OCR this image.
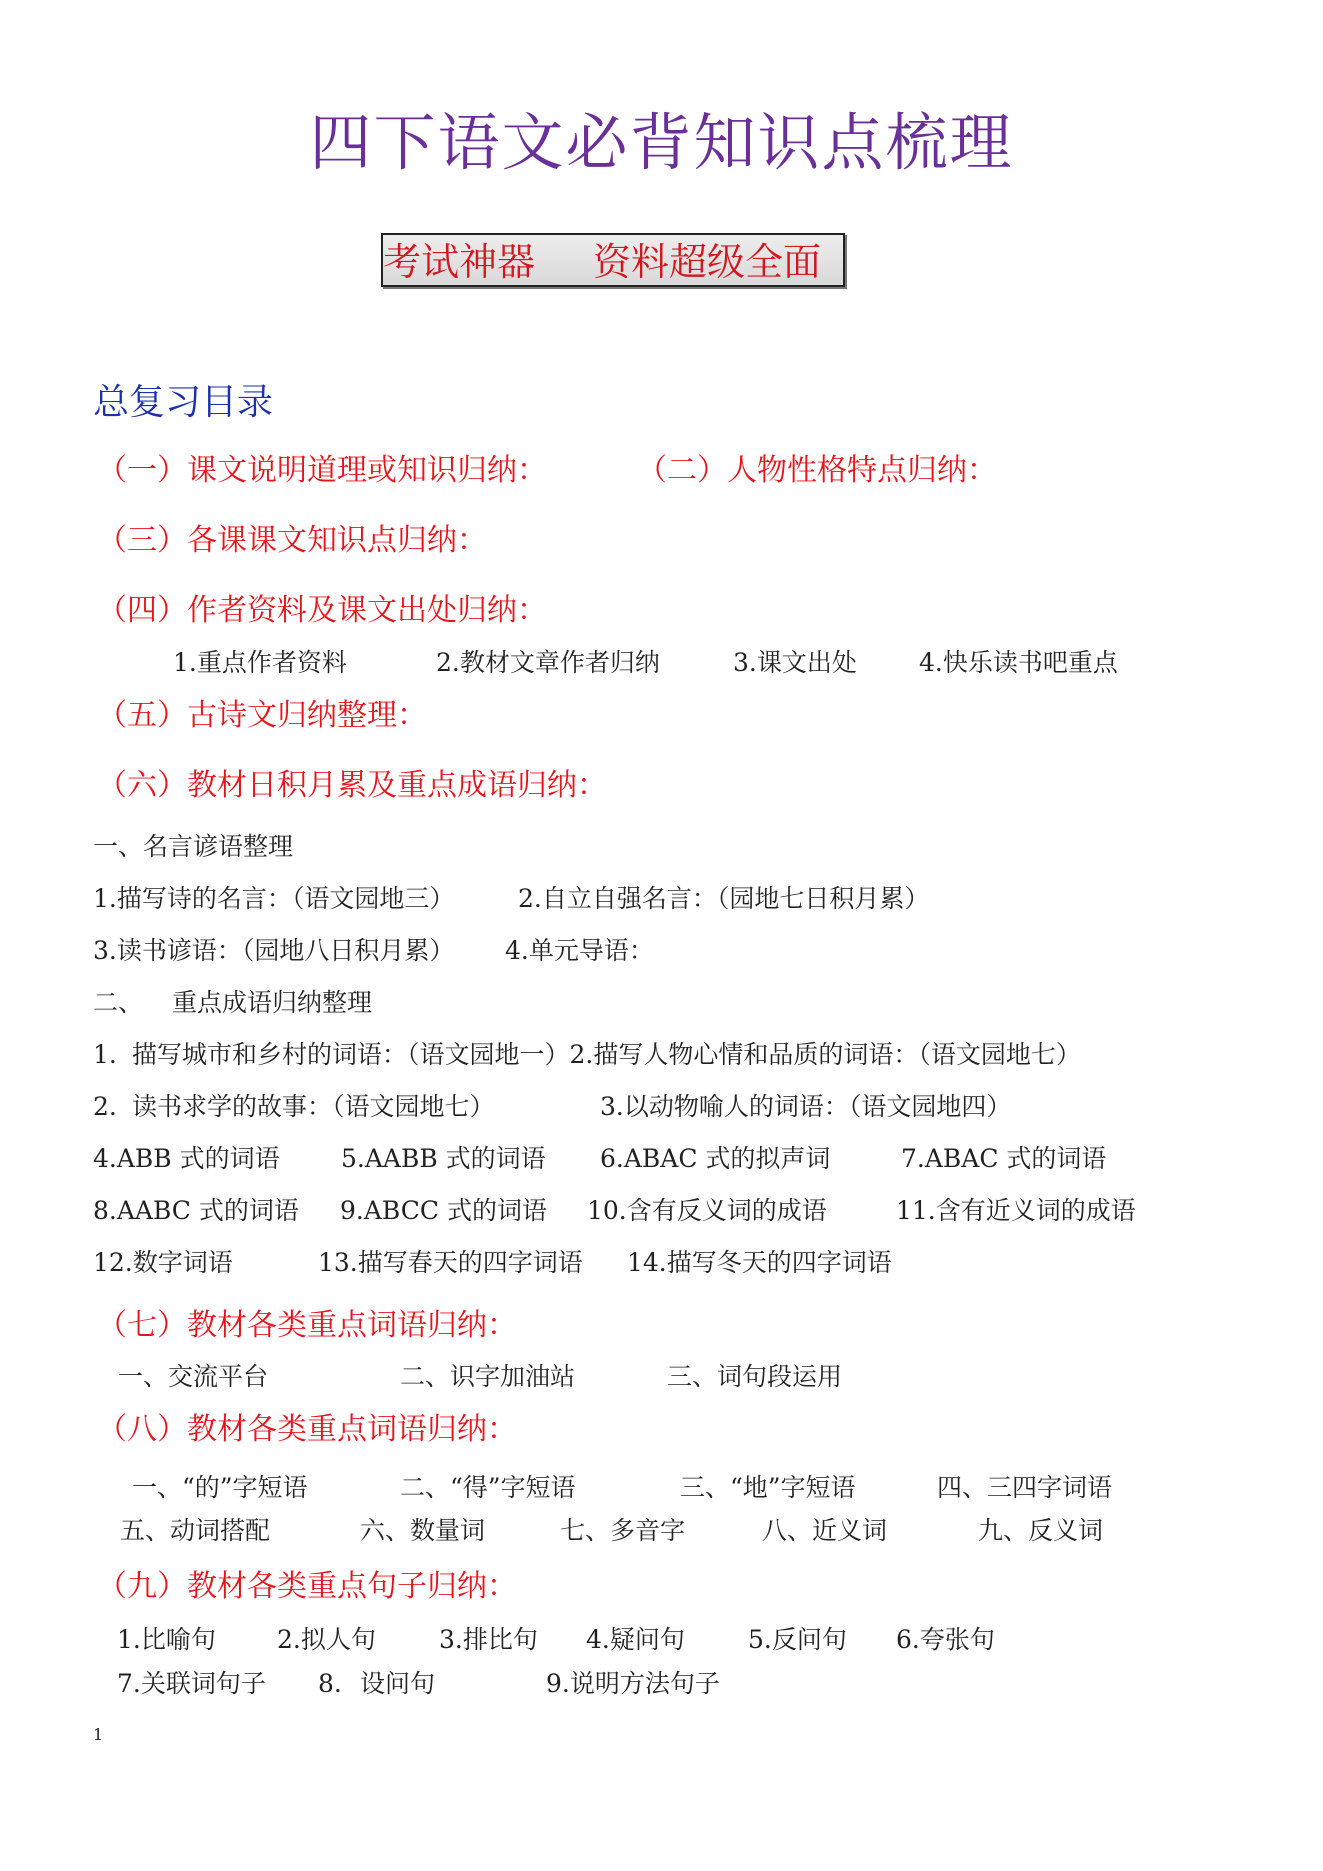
四下语文必背知识点梳理
考试神器 资料超级全面
总复习目录
（一）课文说明道理或知识归纳：	（二）人物性格特点归纳：
（三）各课课文知识点归纳：
（四）作者资料及课文出处归纳：
1.重点作者资料	2.教材文章作者归纳	3.课文出处 4.快乐读书吧重点
（五）古诗文归纳整理：
（六）教材日积月累及重点成语归纳：
一、名言谚语整理
1.描写诗的名言：（语文园地三）	2.自立自强名言：（园地七日积月累）
3.读书谚语：（园地八日积月累） 4.单元导语：
二、 重点成语归纳整理
1. 描写城市和乡村的词语：（语文园地一）2.描写人物心情和品质的词语：（语文园地七）
2. 读书求学的故事：（语文园地七）	3.以动物喻人的词语：（语文园地四）
4.ABB 式的词语 5.AABB 式的词语 6.ABAC 式的拟声词	7.ABAC 式的词语
8.AABC 式的词语 9.ABCC 式的词语 10.含有反义词的成语	11.含有近义词的成语
12.数字词语	13.描写春天的四字词语 14.描写冬天的四字词语
（七）教材各类重点词语归纳：
一、交流平台	二、识字加油站	三、词句段运用
（八）教材各类重点词语归纳：
一、“的”字短语	二、“得”字短语	三、“地”字短语	四、三四字词语
五、动词搭配	六、数量词	七、多音字	八、近义词	九、反义词
（九）教材各类重点句子归纳：
1.比喻句 2.拟人句	3.排比句 4.疑问句	5.反问句 6.夸张句
7.关联词句子 8. 设问句	9.说明方法句子
1
